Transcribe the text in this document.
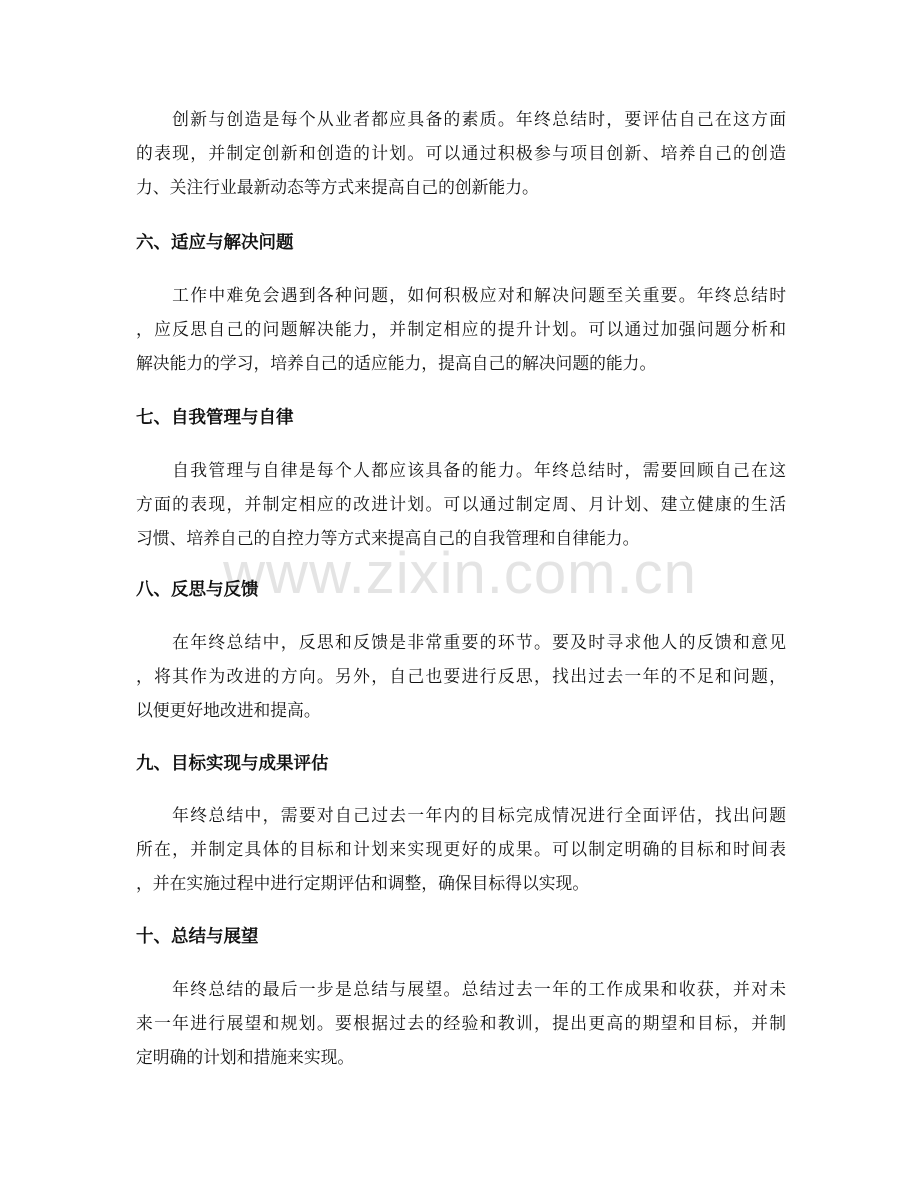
www.zixin.com.cn

　　创新与创造是每个从业者都应具备的素质。年终总结时，要评估自己在这方面
的表现，并制定创新和创造的计划。可以通过积极参与项目创新、培养自己的创造
力、关注行业最新动态等方式来提高自己的创新能力。

六、适应与解决问题

　　工作中难免会遇到各种问题，如何积极应对和解决问题至关重要。年终总结时
，应反思自己的问题解决能力，并制定相应的提升计划。可以通过加强问题分析和
解决能力的学习，培养自己的适应能力，提高自己的解决问题的能力。

七、自我管理与自律

　　自我管理与自律是每个人都应该具备的能力。年终总结时，需要回顾自己在这
方面的表现，并制定相应的改进计划。可以通过制定周、月计划、建立健康的生活
习惯、培养自己的自控力等方式来提高自己的自我管理和自律能力。

八、反思与反馈

　　在年终总结中，反思和反馈是非常重要的环节。要及时寻求他人的反馈和意见
，将其作为改进的方向。另外，自己也要进行反思，找出过去一年的不足和问题，
以便更好地改进和提高。

九、目标实现与成果评估

　　年终总结中，需要对自己过去一年内的目标完成情况进行全面评估，找出问题
所在，并制定具体的目标和计划来实现更好的成果。可以制定明确的目标和时间表
，并在实施过程中进行定期评估和调整，确保目标得以实现。

十、总结与展望

　　年终总结的最后一步是总结与展望。总结过去一年的工作成果和收获，并对未
来一年进行展望和规划。要根据过去的经验和教训，提出更高的期望和目标，并制
定明确的计划和措施来实现。
